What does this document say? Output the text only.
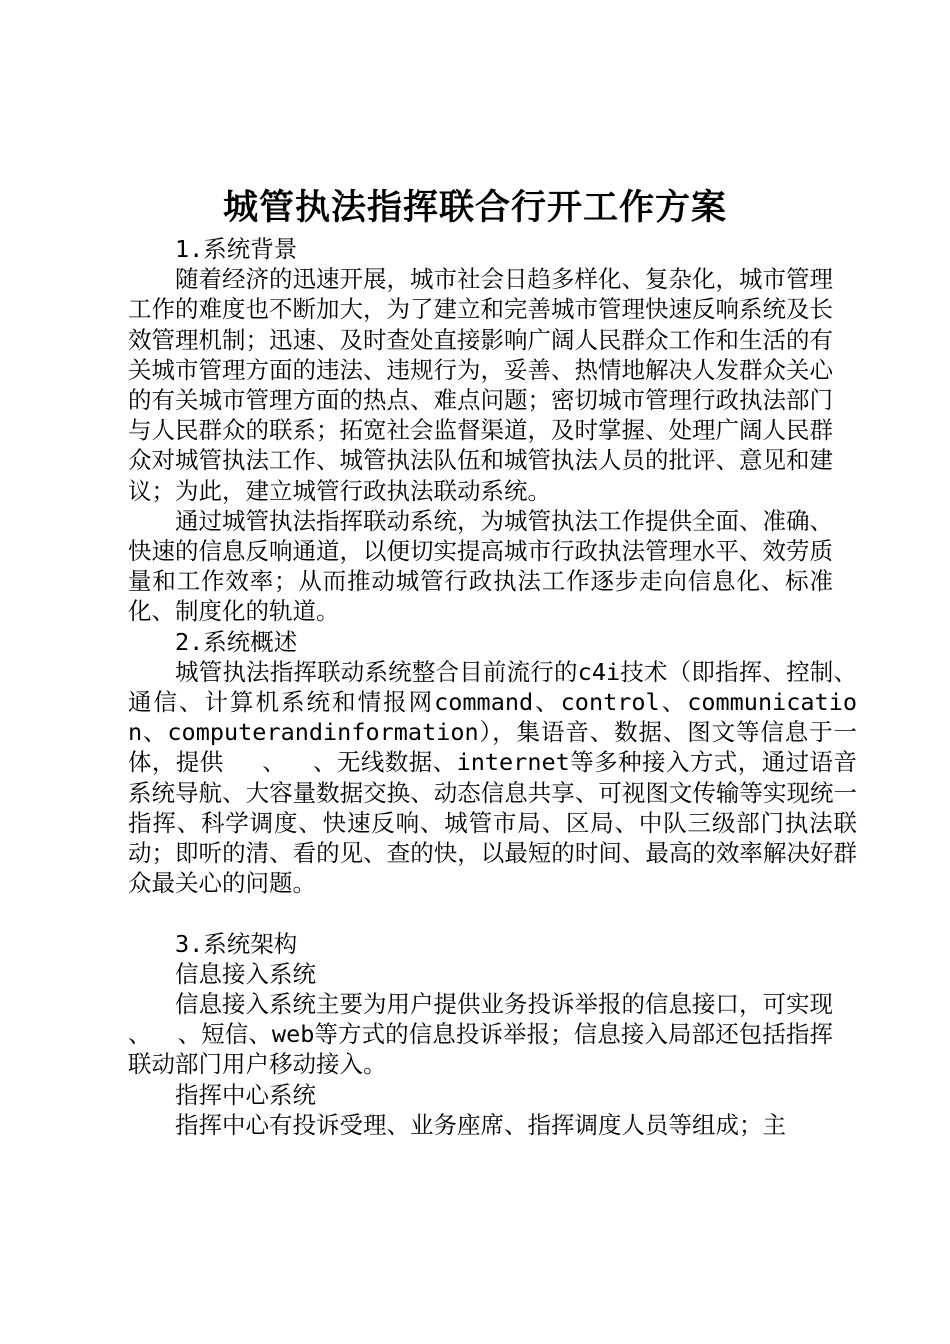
城管执法指挥联合行开工作方案

1.系统背景

随着经济的迅速开展，城市社会日趋多样化、复杂化，城市管理工作的难度也不断加大，为了建立和完善城市管理快速反响系统及长效管理机制；迅速、及时查处直接影响广阔人民群众工作和生活的有关城市管理方面的违法、违规行为，妥善、热情地解决人发群众关心的有关城市管理方面的热点、难点问题；密切城市管理行政执法部门与人民群众的联系；拓宽社会监督渠道，及时掌握、处理广阔人民群众对城管执法工作、城管执法队伍和城管执法人员的批评、意见和建议；为此，建立城管行政执法联动系统。

通过城管执法指挥联动系统，为城管执法工作提供全面、准确、快速的信息反响通道，以便切实提高城市行政执法管理水平、效劳质量和工作效率；从而推动城管行政执法工作逐步走向信息化、标准化、制度化的轨道。

2.系统概述

城管执法指挥联动系统整合目前流行的c4i技术（即指挥、控制、通信、计算机系统和情报网command、control、communication、computerandinformation），集语音、数据、图文等信息于一体，提供　 、　 、无线数据、internet等多种接入方式，通过语音系统导航、大容量数据交换、动态信息共享、可视图文传输等实现统一指挥、科学调度、快速反响、城管市局、区局、中队三级部门执法联动；即听的清、看的见、查的快，以最短的时间、最高的效率解决好群众最关心的问题。

3.系统架构

信息接入系统

信息接入系统主要为用户提供业务投诉举报的信息接口，可实现　 、　 、短信、web等方式的信息投诉举报；信息接入局部还包括指挥联动部门用户移动接入。

指挥中心系统

指挥中心有投诉受理、业务座席、指挥调度人员等组成；主
